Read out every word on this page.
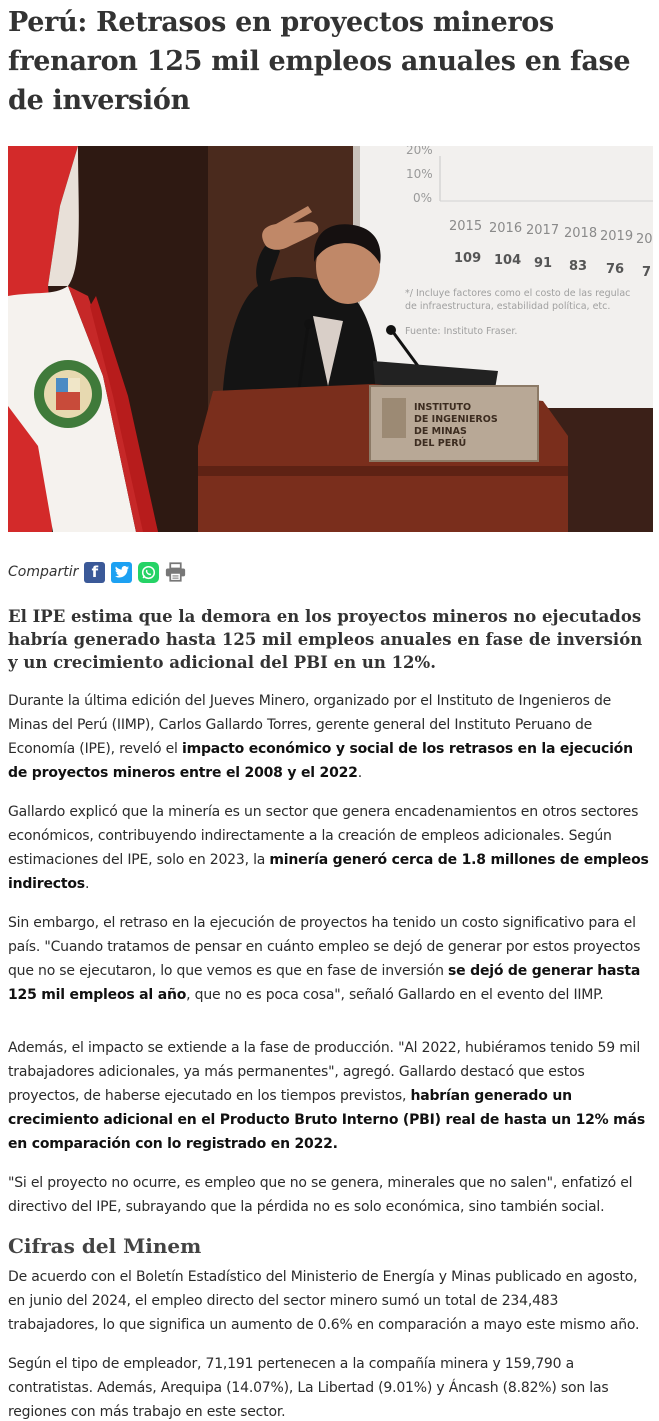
Perú: Retrasos en proyectos mineros frenaron 125 mil empleos anuales en fase de inversión
20%
10%
0%
2015 2016 2017 2018 2019 20
109 104 91 83 76 7
*/ Incluye factores como el costo de las regulac
de infraestructura, estabilidad política, etc.
Fuente: Instituto Fraser.
INSTITUTO
DE INGENIEROS
DE MINAS
DEL PERÚ
Compartir f
El IPE estima que la demora en los proyectos mineros no ejecutados habría generado hasta 125 mil empleos anuales en fase de inversión y un crecimiento adicional del PBI en un 12%.

Durante la última edición del Jueves Minero, organizado por el Instituto de Ingenieros de Minas del Perú (IIMP), Carlos Gallardo Torres, gerente general del Instituto Peruano de Economía (IPE), reveló el impacto económico y social de los retrasos en la ejecución de proyectos mineros entre el 2008 y el 2022.

Gallardo explicó que la minería es un sector que genera encadenamientos en otros sectores económicos, contribuyendo indirectamente a la creación de empleos adicionales. Según estimaciones del IPE, solo en 2023, la minería generó cerca de 1.8 millones de empleos indirectos.

Sin embargo, el retraso en la ejecución de proyectos ha tenido un costo significativo para el país. "Cuando tratamos de pensar en cuánto empleo se dejó de generar por estos proyectos que no se ejecutaron, lo que vemos es que en fase de inversión se dejó de generar hasta 125 mil empleos al año, que no es poca cosa", señaló Gallardo en el evento del IIMP.

Además, el impacto se extiende a la fase de producción. "Al 2022, hubiéramos tenido 59 mil trabajadores adicionales, ya más permanentes", agregó. Gallardo destacó que estos proyectos, de haberse ejecutado en los tiempos previstos, habrían generado un crecimiento adicional en el Producto Bruto Interno (PBI) real de hasta un 12% más en comparación con lo registrado en 2022.

"Si el proyecto no ocurre, es empleo que no se genera, minerales que no salen", enfatizó el directivo del IPE, subrayando que la pérdida no es solo económica, sino también social.

Cifras del Minem

De acuerdo con el Boletín Estadístico del Ministerio de Energía y Minas publicado en agosto, en junio del 2024, el empleo directo del sector minero sumó un total de 234,483 trabajadores, lo que significa un aumento de 0.6% en comparación a mayo este mismo año.

Según el tipo de empleador, 71,191 pertenecen a la compañía minera y 159,790 a contratistas. Además, Arequipa (14.07%), La Libertad (9.01%) y Áncash (8.82%) son las regiones con más trabajo en este sector.
